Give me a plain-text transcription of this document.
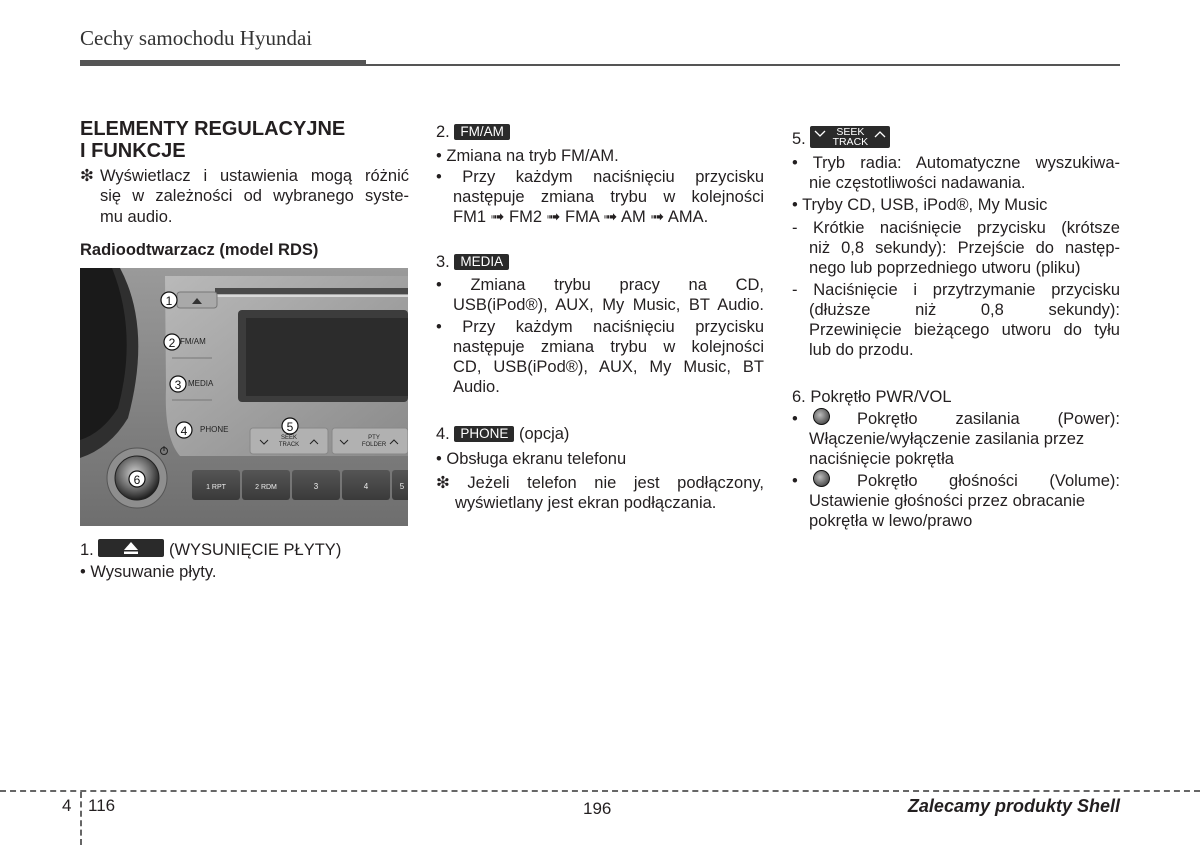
Cechy samochodu Hyundai
ELEMENTY REGULACYJNE
I FUNKCJE
❇ Wyświetlacz i ustawienia mogą różnić
się w zależności od wybranego syste-
mu audio.
Radioodtwarzacz (model RDS)
1.	(WYSUNIĘCIE PŁYTY)
• Wysuwanie płyty.
FM/AM
MEDIA
PHONE
SEEK
TRACK
PTY
FOLDER
1 RPT	2 RDM	3	4	5
1
2
3
4	5
6
2. FM/AM
• Zmiana na tryb FM/AM.
• Przy każdym naciśnięciu przycisku
następuje zmiana trybu w kolejności
FM1 ➟ FM2 ➟ FMA ➟ AM ➟ AMA.
3. MEDIA
• Zmiana trybu pracy na CD,
USB(iPod®), AUX, My Music, BT Audio.
• Przy każdym naciśnięciu przycisku
następuje zmiana trybu w kolejności
CD, USB(iPod®), AUX, My Music, BT
Audio.
4. PHONE (opcja)
• Obsługa ekranu telefonu
❇ Jeżeli telefon nie jest podłączony,
wyświetlany jest ekran podłączania.
5.	SEEK
TRACK
• Tryb radia: Automatyczne wyszukiwa-
nie częstotliwości nadawania.
• Tryby CD, USB, iPod®, My Music
- Krótkie naciśnięcie przycisku (krótsze
niż 0,8 sekundy): Przejście do następ-
nego lub poprzedniego utworu (pliku)
- Naciśnięcie i przytrzymanie przycisku
(dłuższe niż 0,8 sekundy):
Przewinięcie bieżącego utworu do tyłu
lub do przodu.
6. Pokrętło PWR/VOL
•	Pokrętło zasilania (Power):
Włączenie/wyłączenie zasilania przez
naciśnięcie pokrętła
•	Pokrętło głośności (Volume):
Ustawienie głośności przez obracanie
pokrętła w lewo/prawo
4 116	196	Zalecamy produkty Shell
